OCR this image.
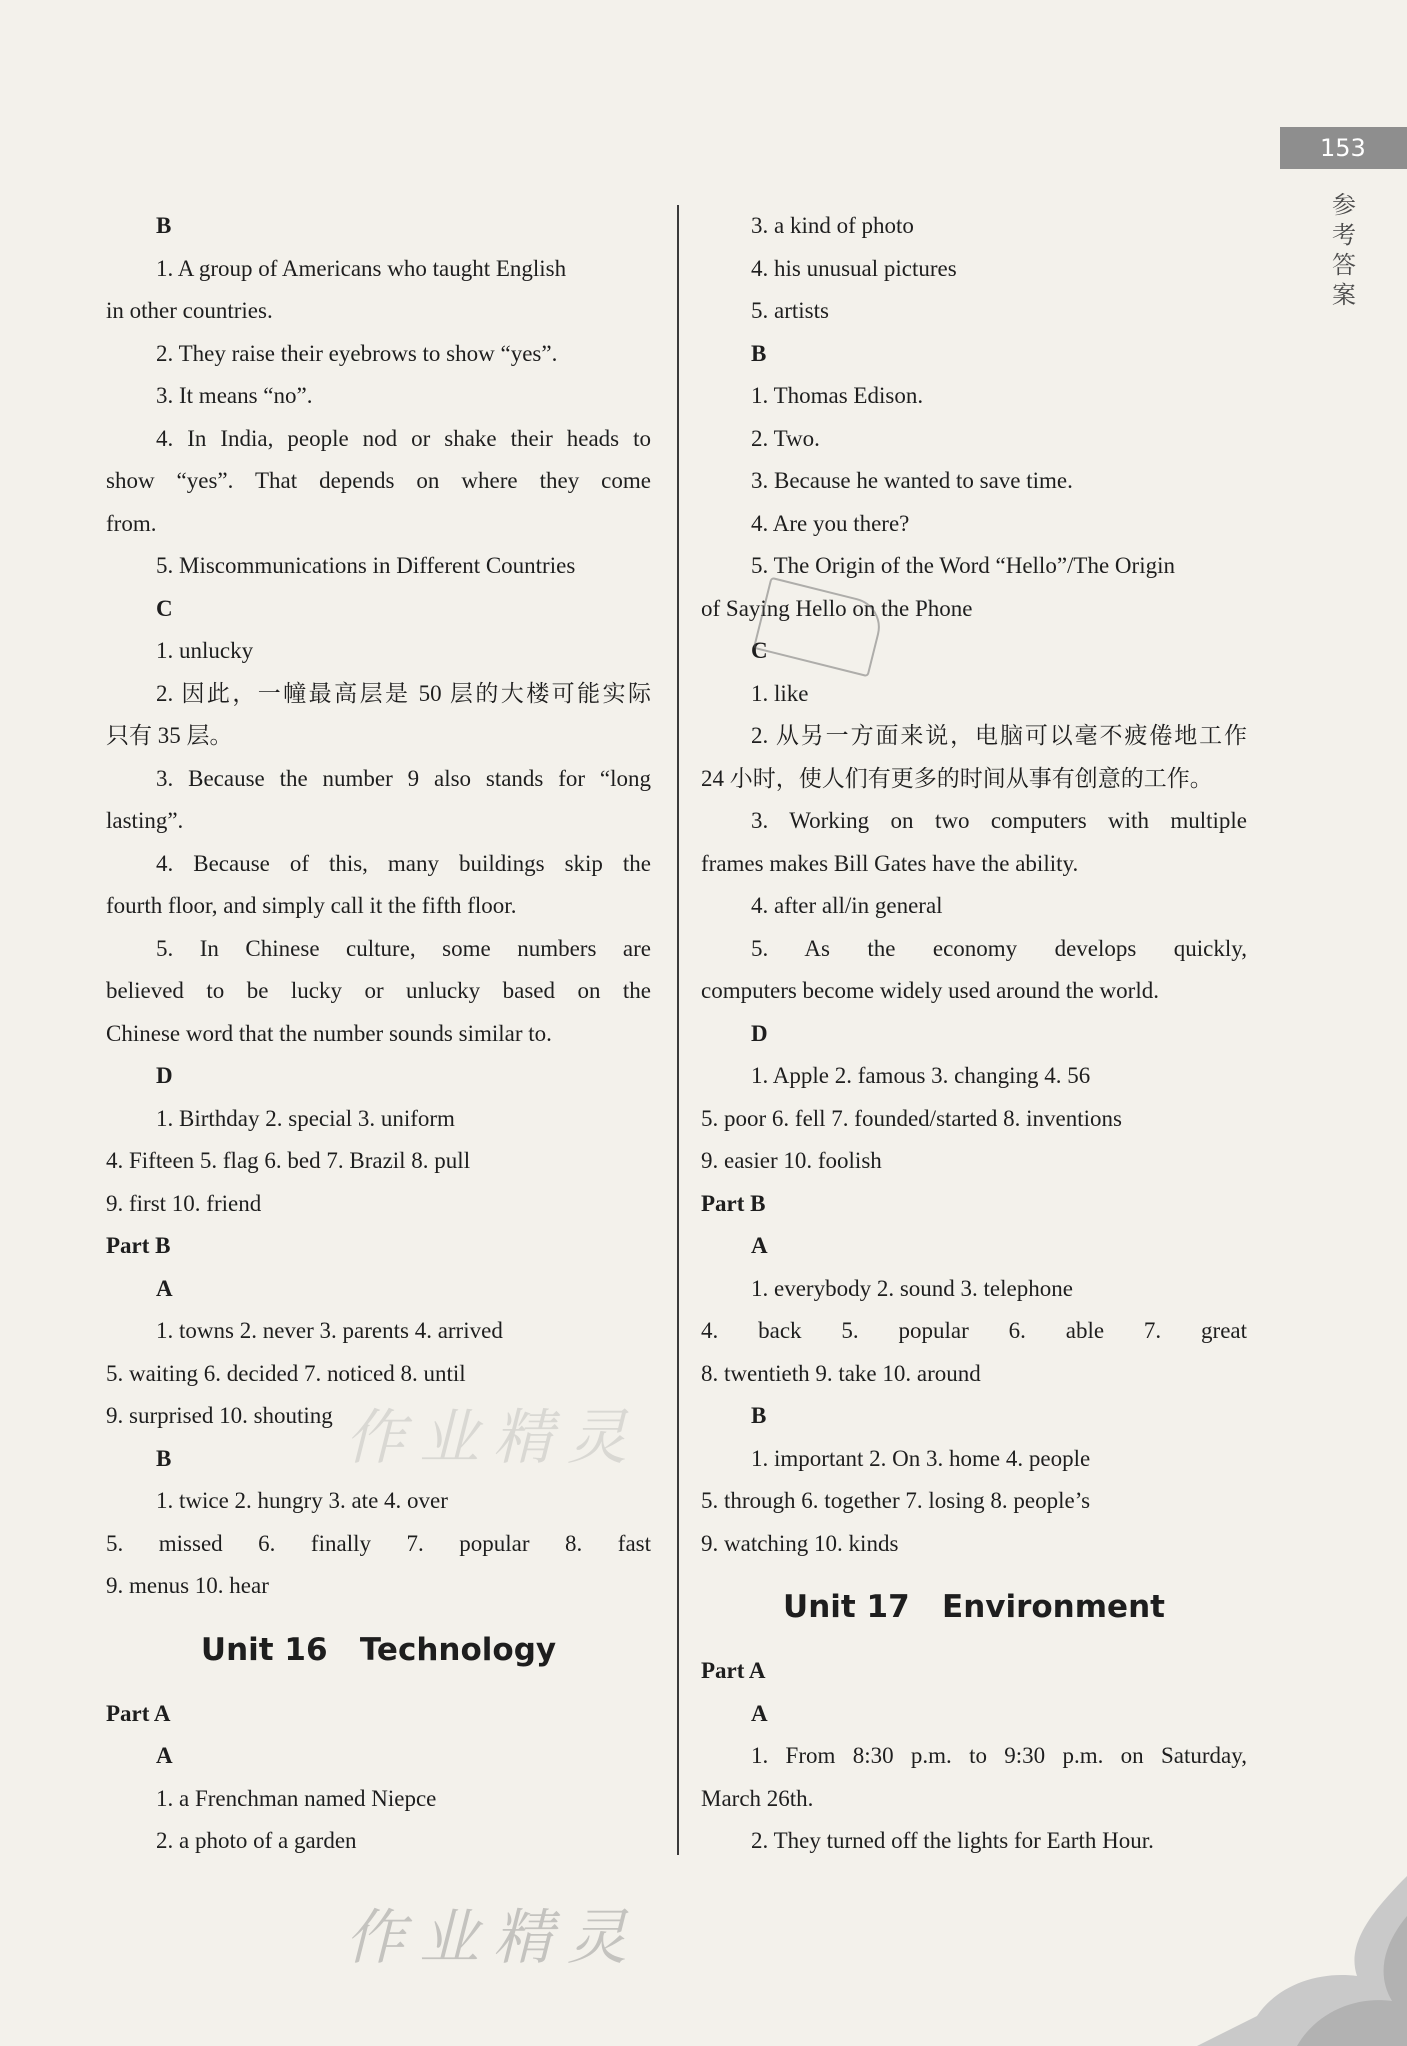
153
参考答案
B
1. A group of Americans who taught English
in other countries.
2. They raise their eyebrows to show “yes”.
3. It means “no”.
4. In India, people nod or shake their heads to
show “yes”. That depends on where they come
from.
5. Miscommunications in Different Countries
C
1. unlucky
2. 因此，一幢最高层是 50 层的大楼可能实际
只有 35 层。
3. Because the number 9 also stands for “long
lasting”.
4. Because of this, many buildings skip the
fourth floor, and simply call it the fifth floor.
5. In Chinese culture, some numbers are
believed to be lucky or unlucky based on the
Chinese word that the number sounds similar to.
D
1. Birthday 2. special 3. uniform
4. Fifteen 5. flag 6. bed 7. Brazil 8. pull
9. first 10. friend
Part B
A
1. towns 2. never 3. parents 4. arrived
5. waiting 6. decided 7. noticed 8. until
9. surprised 10. shouting
B
1. twice 2. hungry 3. ate 4. over
5. missed 6. finally 7. popular 8. fast
9. menus 10. hear
Unit 16   Technology
Part A
A
1. a Frenchman named Niepce
2. a photo of a garden
3. a kind of photo
4. his unusual pictures
5. artists
B
1. Thomas Edison.
2. Two.
3. Because he wanted to save time.
4. Are you there?
5. The Origin of the Word “Hello”/The Origin
of Saying Hello on the Phone
C
1. like
2. 从另一方面来说，电脑可以毫不疲倦地工作
24 小时，使人们有更多的时间从事有创意的工作。
3. Working on two computers with multiple
frames makes Bill Gates have the ability.
4. after all/in general
5. As the economy develops quickly,
computers become widely used around the world.
D
1. Apple 2. famous 3. changing 4. 56
5. poor 6. fell 7. founded/started 8. inventions
9. easier 10. foolish
Part B
A
1. everybody 2. sound 3. telephone
4. back 5. popular 6. able 7. great
8. twentieth 9. take 10. around
B
1. important 2. On 3. home 4. people
5. through 6. together 7. losing 8. people’s
9. watching 10. kinds
Unit 17   Environment
Part A
A
1. From 8:30 p.m. to 9:30 p.m. on Saturday,
March 26th.
2. They turned off the lights for Earth Hour.
作业精灵
作业精灵
